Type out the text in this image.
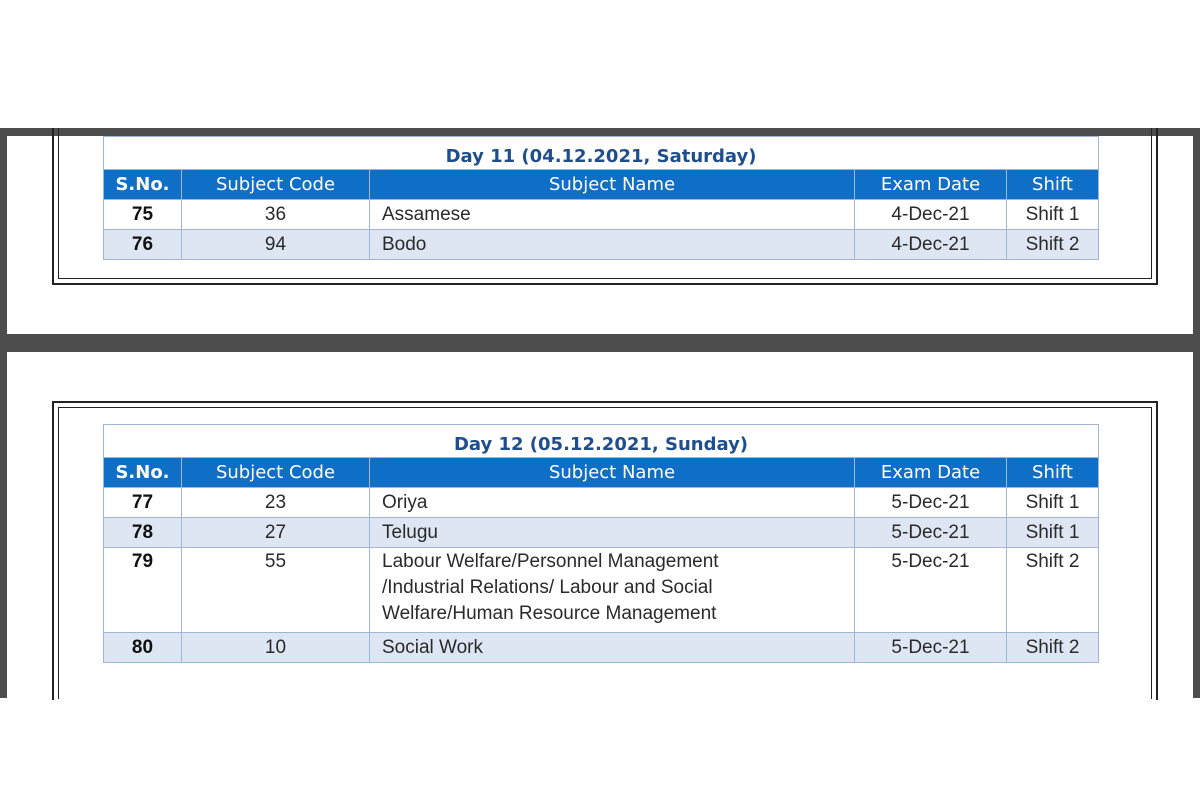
Day 11 (04.12.2021, Saturday)				
S.No.	Subject Code	Subject Name	Exam Date	Shift
75	36	Assamese	4-Dec-21	Shift 1
76	94	Bodo	4-Dec-21	Shift 2
Day 12 (05.12.2021, Sunday)				
S.No.	Subject Code	Subject Name	Exam Date	Shift
77	23	Oriya	5-Dec-21	Shift 1
78	27	Telugu	5-Dec-21	Shift 1
79	55	Labour Welfare/Personnel Management
/Industrial Relations/ Labour and Social
Welfare/Human Resource Management	5-Dec-21	Shift 2
80	10	Social Work	5-Dec-21	Shift 2
